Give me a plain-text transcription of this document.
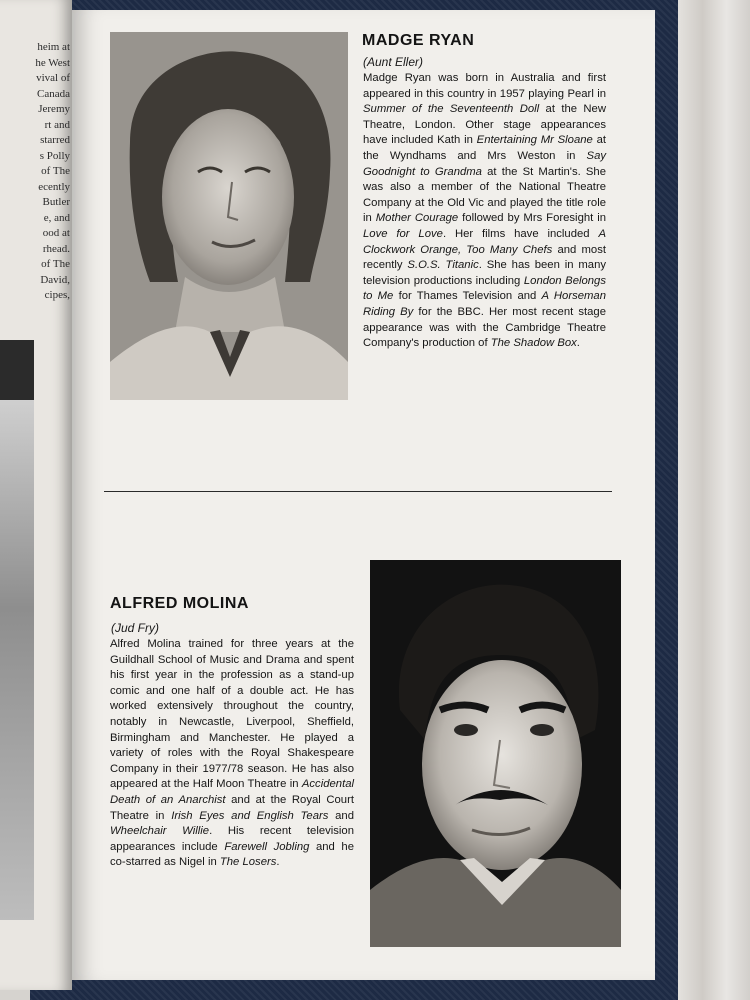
heim at
he West
vival of
Canada
Jeremy
rt and
starred
s Polly
of The
ecently
Butler
e, and
ood at
rhead.
of The
David,
cipes,
MADGE RYAN
(Aunt Eller)

Madge Ryan was born in Australia and first appeared in this country in 1957 playing Pearl in Summer of the Seventeenth Doll at the New Theatre, London. Other stage appearances have included Kath in Entertaining Mr Sloane at the Wyndhams and Mrs Weston in Say Goodnight to Grandma at the St Martin's. She was also a member of the National Theatre Company at the Old Vic and played the title role in Mother Courage followed by Mrs Foresight in Love for Love. Her films have included A Clockwork Orange, Too Many Chefs and most recently S.O.S. Titanic. She has been in many television productions including London Belongs to Me for Thames Television and A Horseman Riding By for the BBC. Her most recent stage appearance was with the Cambridge Theatre Company's production of The Shadow Box.

ALFRED MOLINA
(Jud Fry)

Alfred Molina trained for three years at the Guildhall School of Music and Drama and spent his first year in the profession as a stand-up comic and one half of a double act. He has worked extensively throughout the country, notably in Newcastle, Liverpool, Sheffield, Birmingham and Manchester. He played a variety of roles with the Royal Shakespeare Company in their 1977/78 season. He has also appeared at the Half Moon Theatre in Accidental Death of an Anarchist and at the Royal Court Theatre in Irish Eyes and English Tears and Wheelchair Willie. His recent television appearances include Farewell Jobling and he co-starred as Nigel in The Losers.
